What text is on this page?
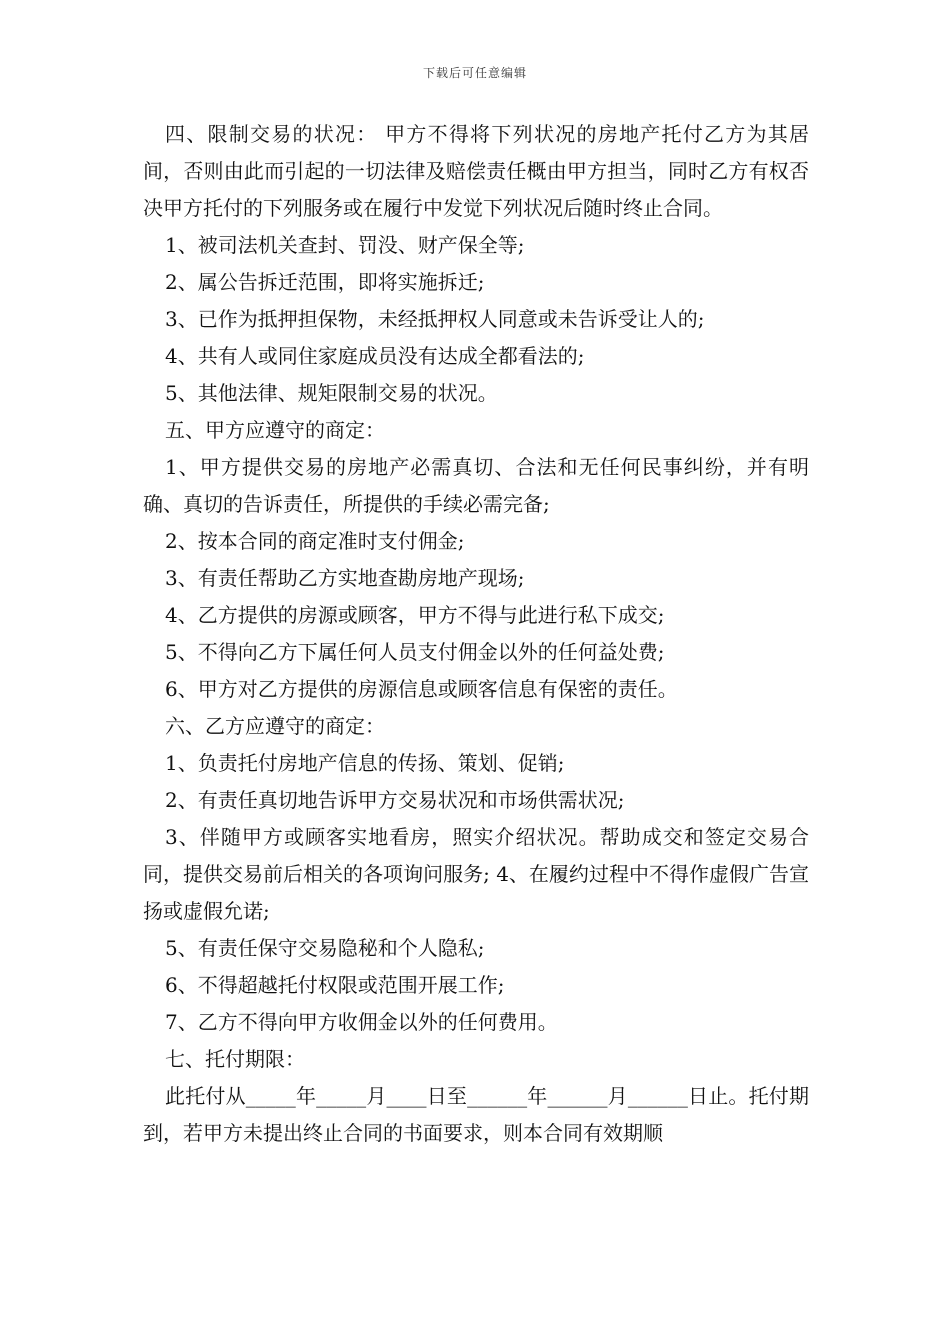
下载后可任意编辑

四、限制交易的状况： 甲方不得将下列状况的房地产托付乙方为其居间，否则由此而引起的一切法律及赔偿责任概由甲方担当，同时乙方有权否决甲方托付的下列服务或在履行中发觉下列状况后随时终止合同。

1、被司法机关查封、罚没、财产保全等;

2、属公告拆迁范围，即将实施拆迁;

3、已作为抵押担保物，未经抵押权人同意或未告诉受让人的;

4、共有人或同住家庭成员没有达成全都看法的;

5、其他法律、规矩限制交易的状况。

五、甲方应遵守的商定：

1、甲方提供交易的房地产必需真切、合法和无任何民事纠纷，并有明确、真切的告诉责任，所提供的手续必需完备;

2、按本合同的商定准时支付佣金;

3、有责任帮助乙方实地查勘房地产现场;

4、乙方提供的房源或顾客，甲方不得与此进行私下成交;

5、不得向乙方下属任何人员支付佣金以外的任何益处费;

6、甲方对乙方提供的房源信息或顾客信息有保密的责任。

六、乙方应遵守的商定：

1、负责托付房地产信息的传扬、策划、促销;

2、有责任真切地告诉甲方交易状况和市场供需状况;

3、伴随甲方或顾客实地看房，照实介绍状况。帮助成交和签定交易合同，提供交易前后相关的各项询问服务; 4、在履约过程中不得作虚假广告宣扬或虚假允诺;

5、有责任保守交易隐秘和个人隐私;

6、不得超越托付权限或范围开展工作;

7、乙方不得向甲方收佣金以外的任何费用。

七、托付期限：

此托付从_____年_____月____日至______年______月______日止。托付期到，若甲方未提出终止合同的书面要求，则本合同有效期顺
